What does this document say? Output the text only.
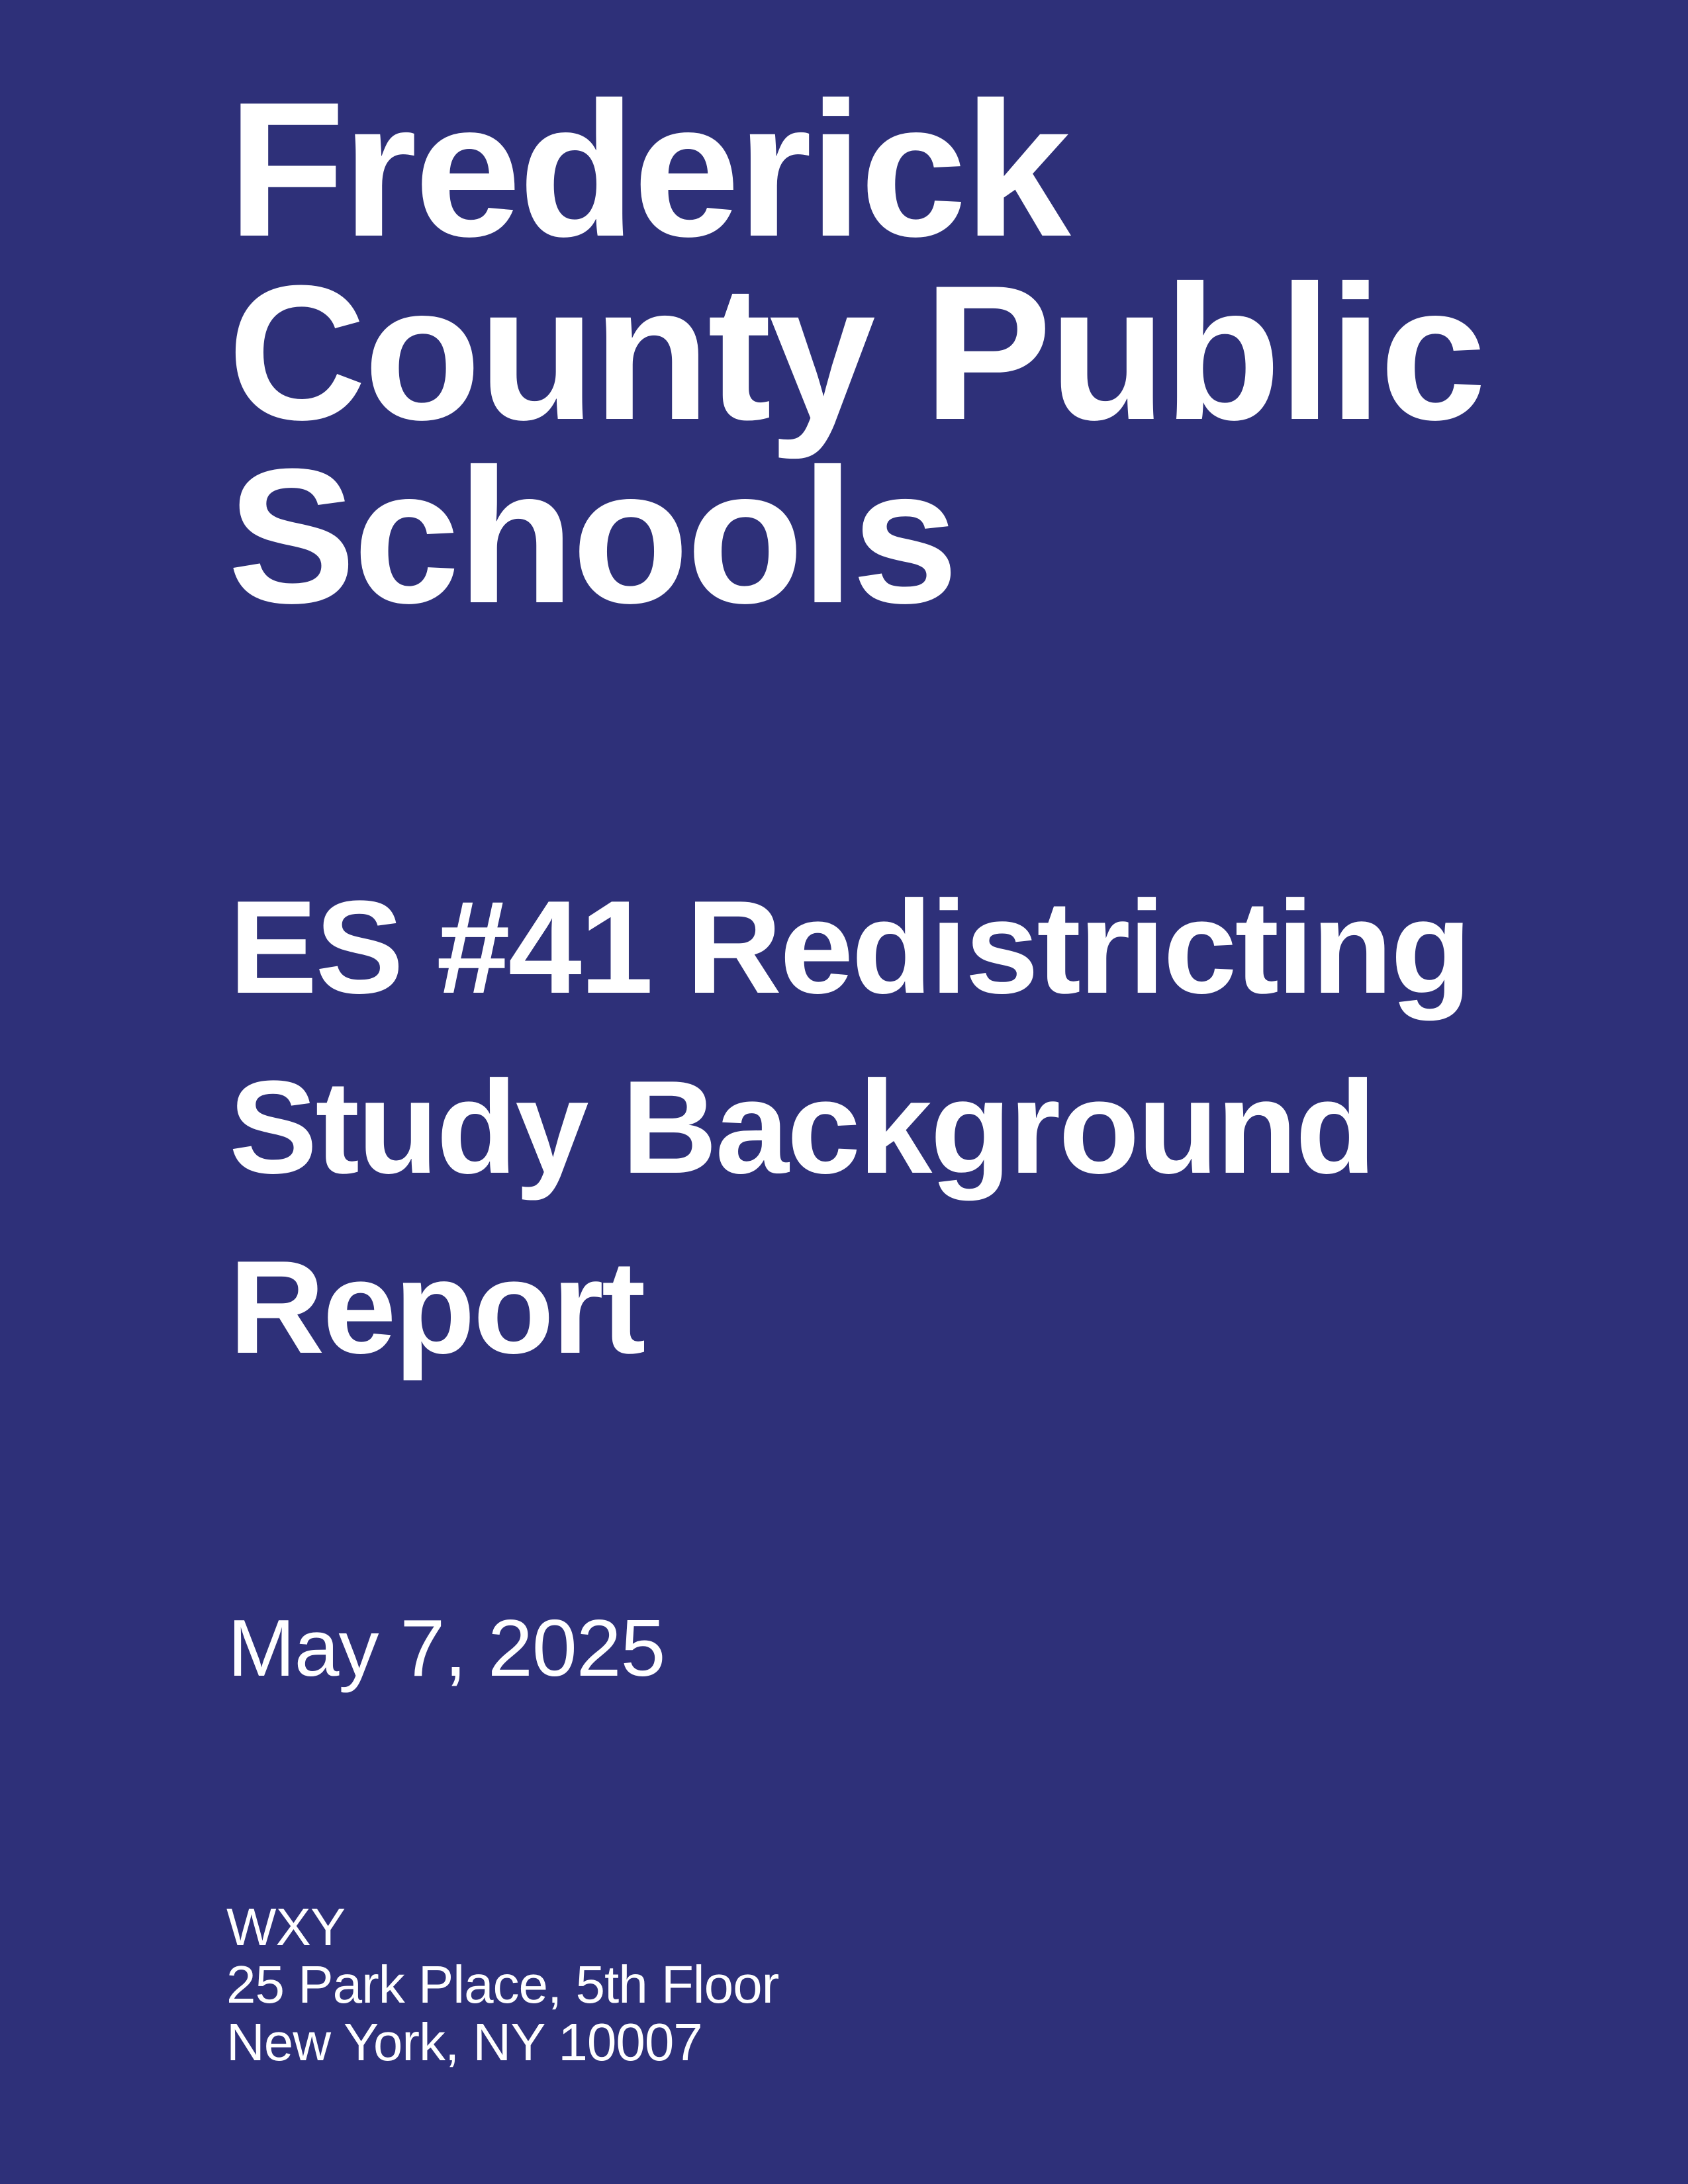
Frederick
County Public
Schools
ES #41 Redistricting
Study Background
Report

May 7, 2025

WXY
25 Park Place, 5th Floor
New York, NY 10007
